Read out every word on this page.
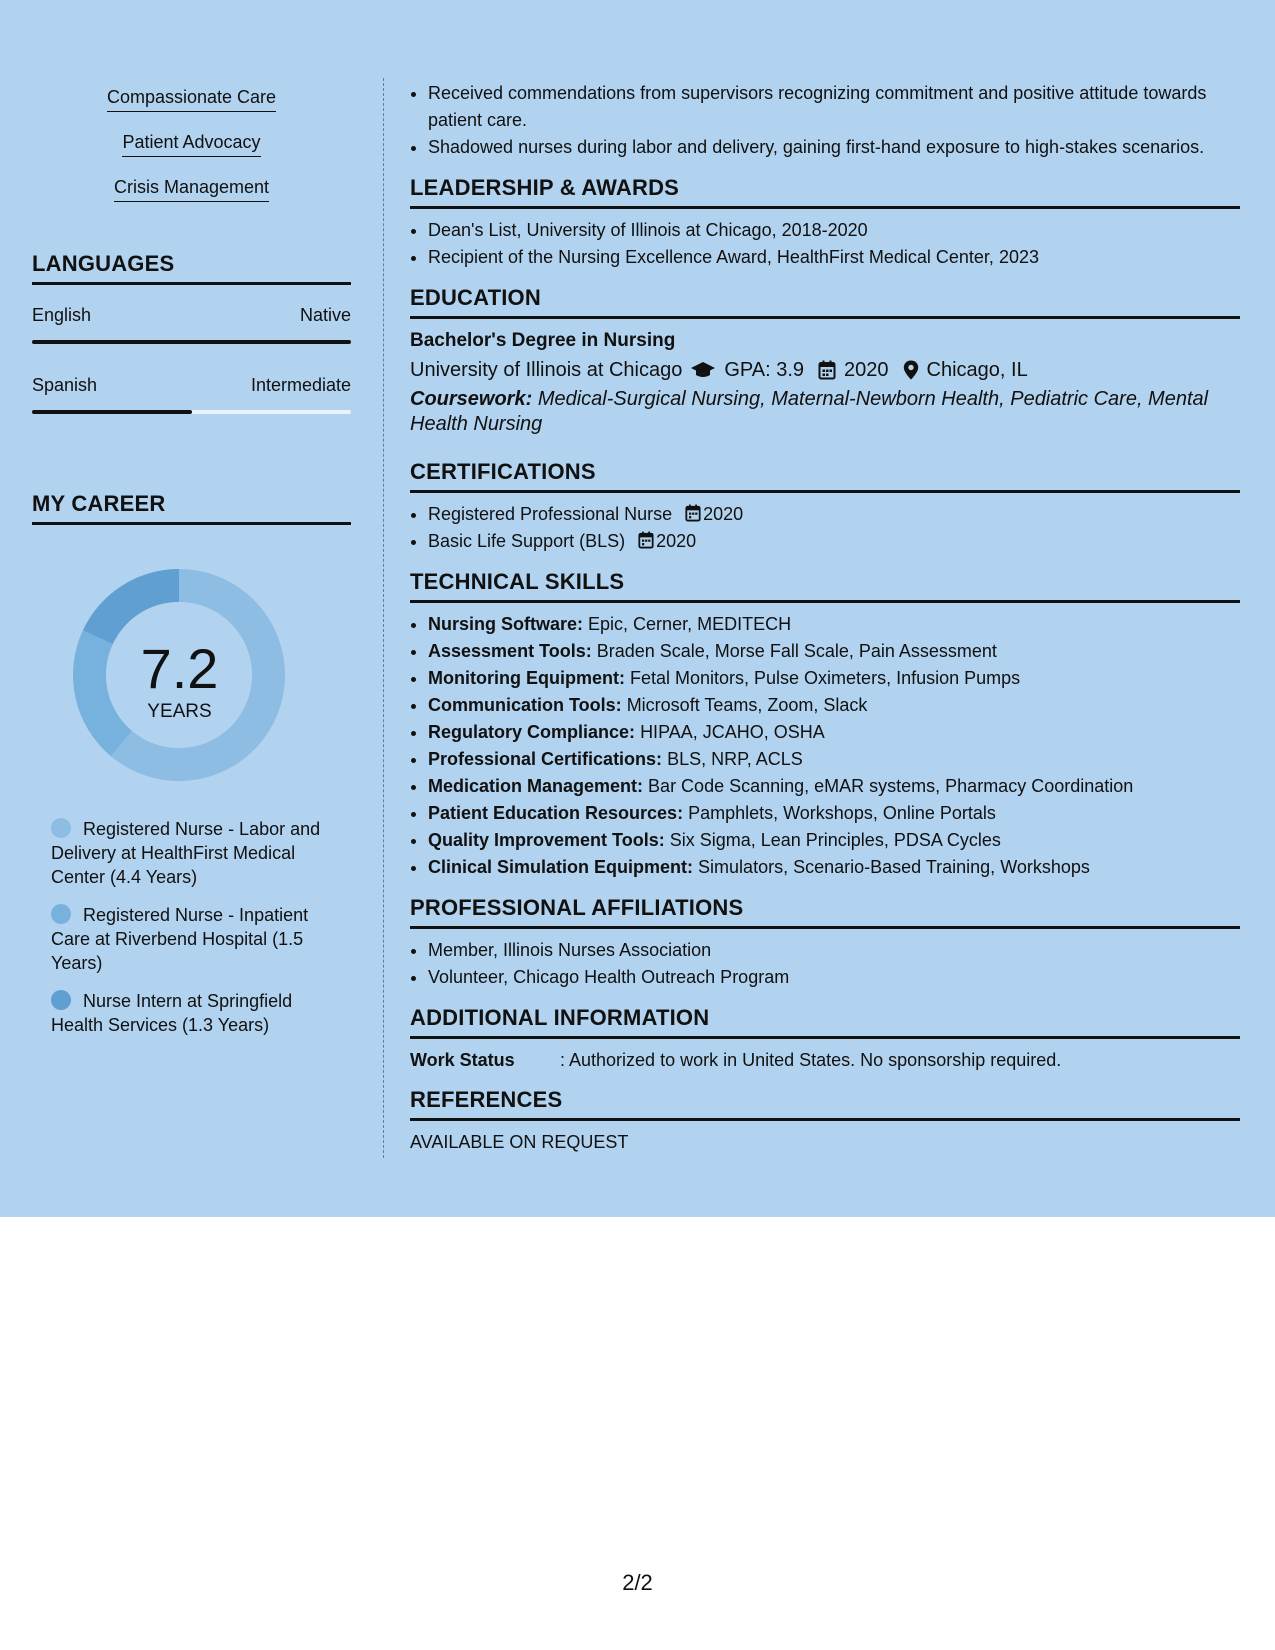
Compassionate Care
Patient Advocacy
Crisis Management
LANGUAGES
English	Native
Spanish	Intermediate
MY CAREER
7.2
YEARS
Registered Nurse - Labor and Delivery at HealthFirst Medical Center (4.4 Years)
Registered Nurse - Inpatient Care at Riverbend Hospital (1.5 Years)
Nurse Intern at Springfield Health Services (1.3 Years)
• Received commendations from supervisors recognizing commitment and positive attitude towards patient care.
• Shadowed nurses during labor and delivery, gaining first-hand exposure to high-stakes scenarios.
LEADERSHIP & AWARDS
• Dean's List, University of Illinois at Chicago, 2018-2020
• Recipient of the Nursing Excellence Award, HealthFirst Medical Center, 2023
EDUCATION
Bachelor's Degree in Nursing
University of Illinois at Chicago GPA: 3.9 2020 Chicago, IL
Coursework: Medical-Surgical Nursing, Maternal-Newborn Health, Pediatric Care, Mental Health Nursing
CERTIFICATIONS
• Registered Professional Nurse 2020
• Basic Life Support (BLS) 2020
TECHNICAL SKILLS
• Nursing Software: Epic, Cerner, MEDITECH
• Assessment Tools: Braden Scale, Morse Fall Scale, Pain Assessment
• Monitoring Equipment: Fetal Monitors, Pulse Oximeters, Infusion Pumps
• Communication Tools: Microsoft Teams, Zoom, Slack
• Regulatory Compliance: HIPAA, JCAHO, OSHA
• Professional Certifications: BLS, NRP, ACLS
• Medication Management: Bar Code Scanning, eMAR systems, Pharmacy Coordination
• Patient Education Resources: Pamphlets, Workshops, Online Portals
• Quality Improvement Tools: Six Sigma, Lean Principles, PDSA Cycles
• Clinical Simulation Equipment: Simulators, Scenario-Based Training, Workshops
PROFESSIONAL AFFILIATIONS
• Member, Illinois Nurses Association
• Volunteer, Chicago Health Outreach Program
ADDITIONAL INFORMATION
Work Status	: Authorized to work in United States. No sponsorship required.
REFERENCES
AVAILABLE ON REQUEST
2/2
